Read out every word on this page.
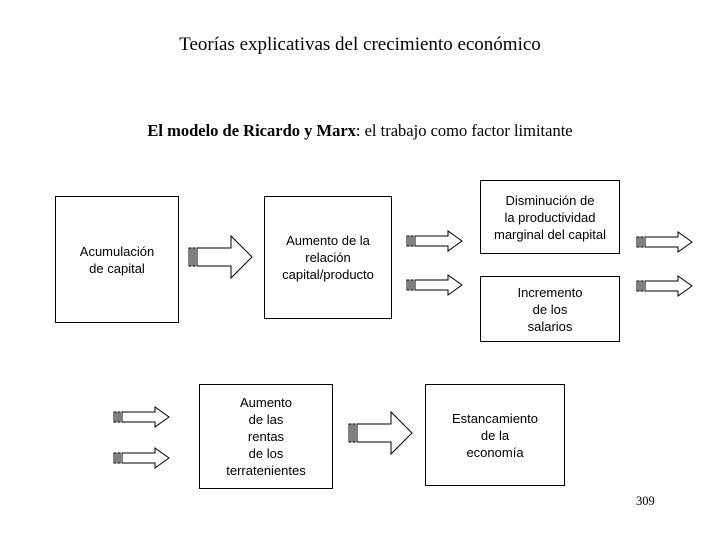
Teorías explicativas del crecimiento económico
El modelo de Ricardo y Marx: el trabajo como factor limitante
Acumulación
de capital
Aumento de la
relación
capital/producto
Disminución de
la productividad
marginal del capital
Incremento
de los
salarios
Aumento
de las
rentas
de los
terratenientes
Estancamiento
de la
economía
309
